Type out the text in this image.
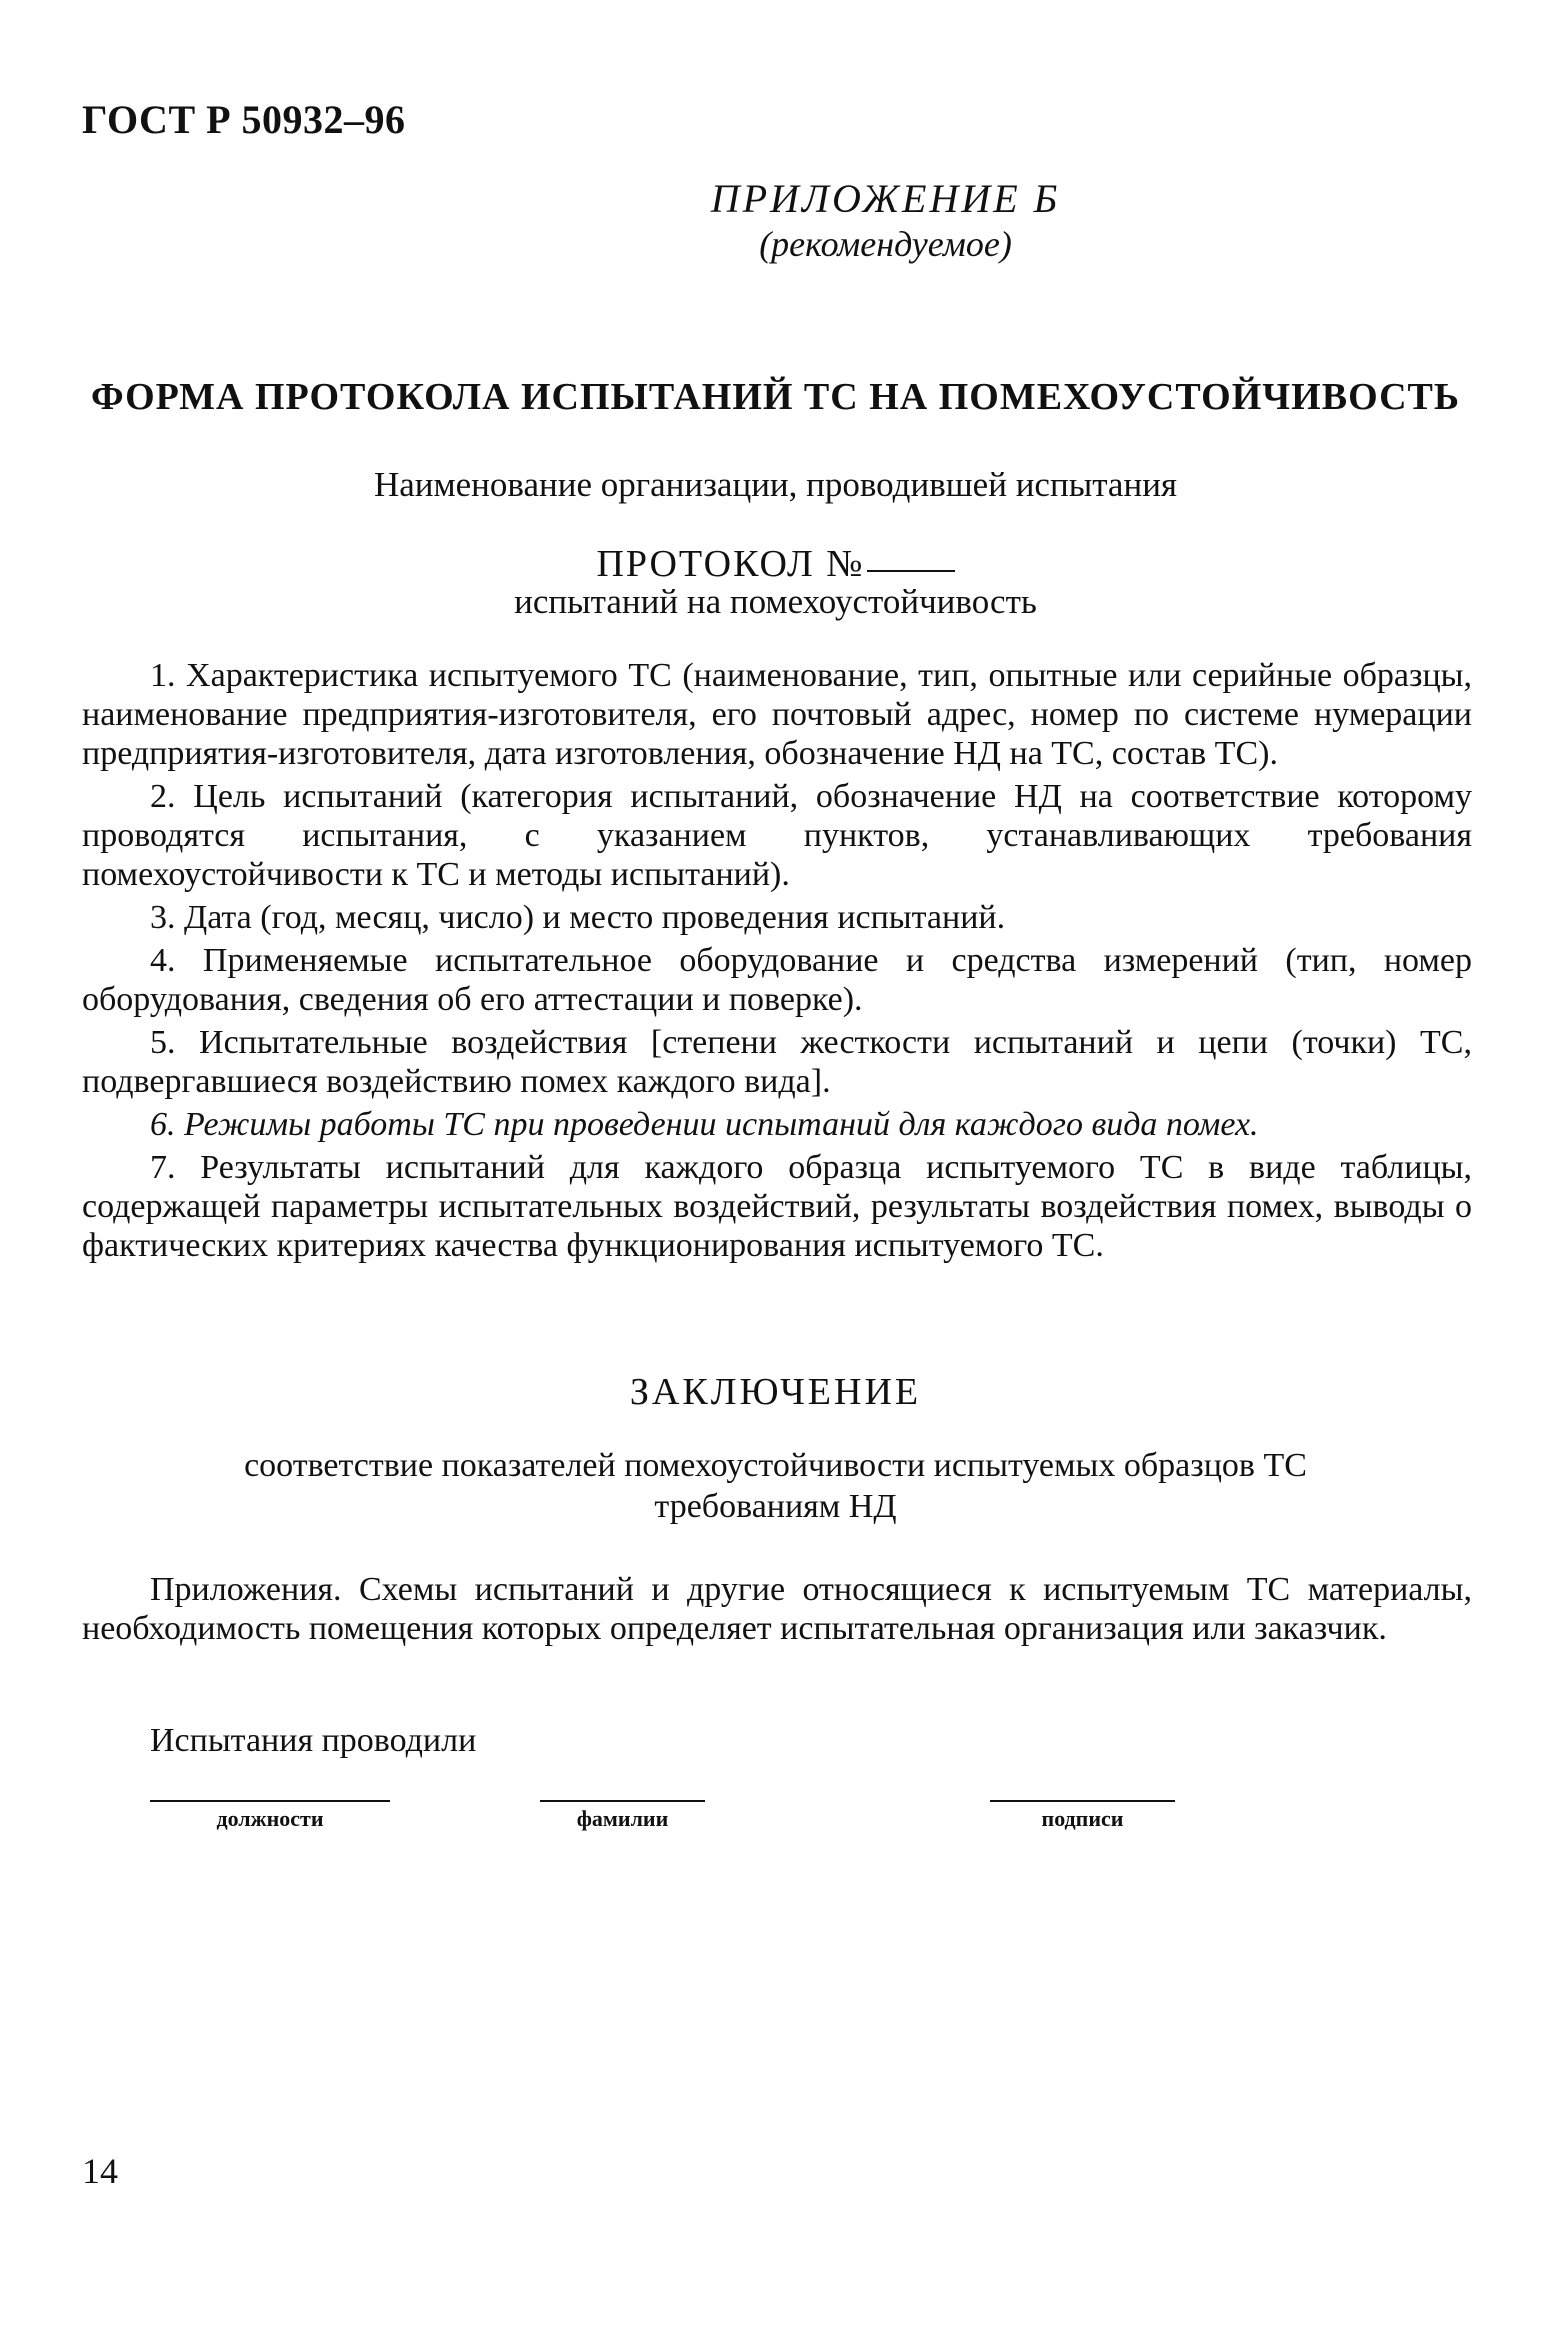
ГОСТ Р 50932–96
ПРИЛОЖЕНИЕ Б
(рекомендуемое)
ФОРМА ПРОТОКОЛА ИСПЫТАНИЙ ТС НА ПОМЕХОУСТОЙЧИВОСТЬ
Наименование организации, проводившей испытания
ПРОТОКОЛ №
испытаний на помехоустойчивость

1. Характеристика испытуемого ТС (наименование, тип, опытные или серийные образцы, наименование предприятия-изготовителя, его почтовый адрес, номер по системе нумерации предприятия-изготовителя, дата изготовления, обозначение НД на ТС, состав ТС).

2. Цель испытаний (категория испытаний, обозначение НД на соответствие которому проводятся испытания, с указанием пунктов, устанавливающих требования помехоустойчивости к ТС и методы испытаний).

3. Дата (год, месяц, число) и место проведения испытаний.

4. Применяемые испытательное оборудование и средства измерений (тип, номер оборудования, сведения об его аттестации и поверке).

5. Испытательные воздействия [степени жесткости испытаний и цепи (точки) ТС, подвергавшиеся воздействию помех каждого вида].

6. Режимы работы ТС при проведении испытаний для каждого вида помех.

7. Результаты испытаний для каждого образца испытуемого ТС в виде таблицы, содержащей параметры испытательных воздействий, результаты воздействия помех, выводы о фактических критериях качества функционирования испытуемого ТС.

ЗАКЛЮЧЕНИЕ
соответствие показателей помехоустойчивости испытуемых образцов ТС
требованиям НД
Приложения. Схемы испытаний и другие относящиеся к испытуемым ТС материалы, необходимость помещения которых определяет испытательная организация или заказчик.
Испытания проводили
должности	фамилии	подписи
14
